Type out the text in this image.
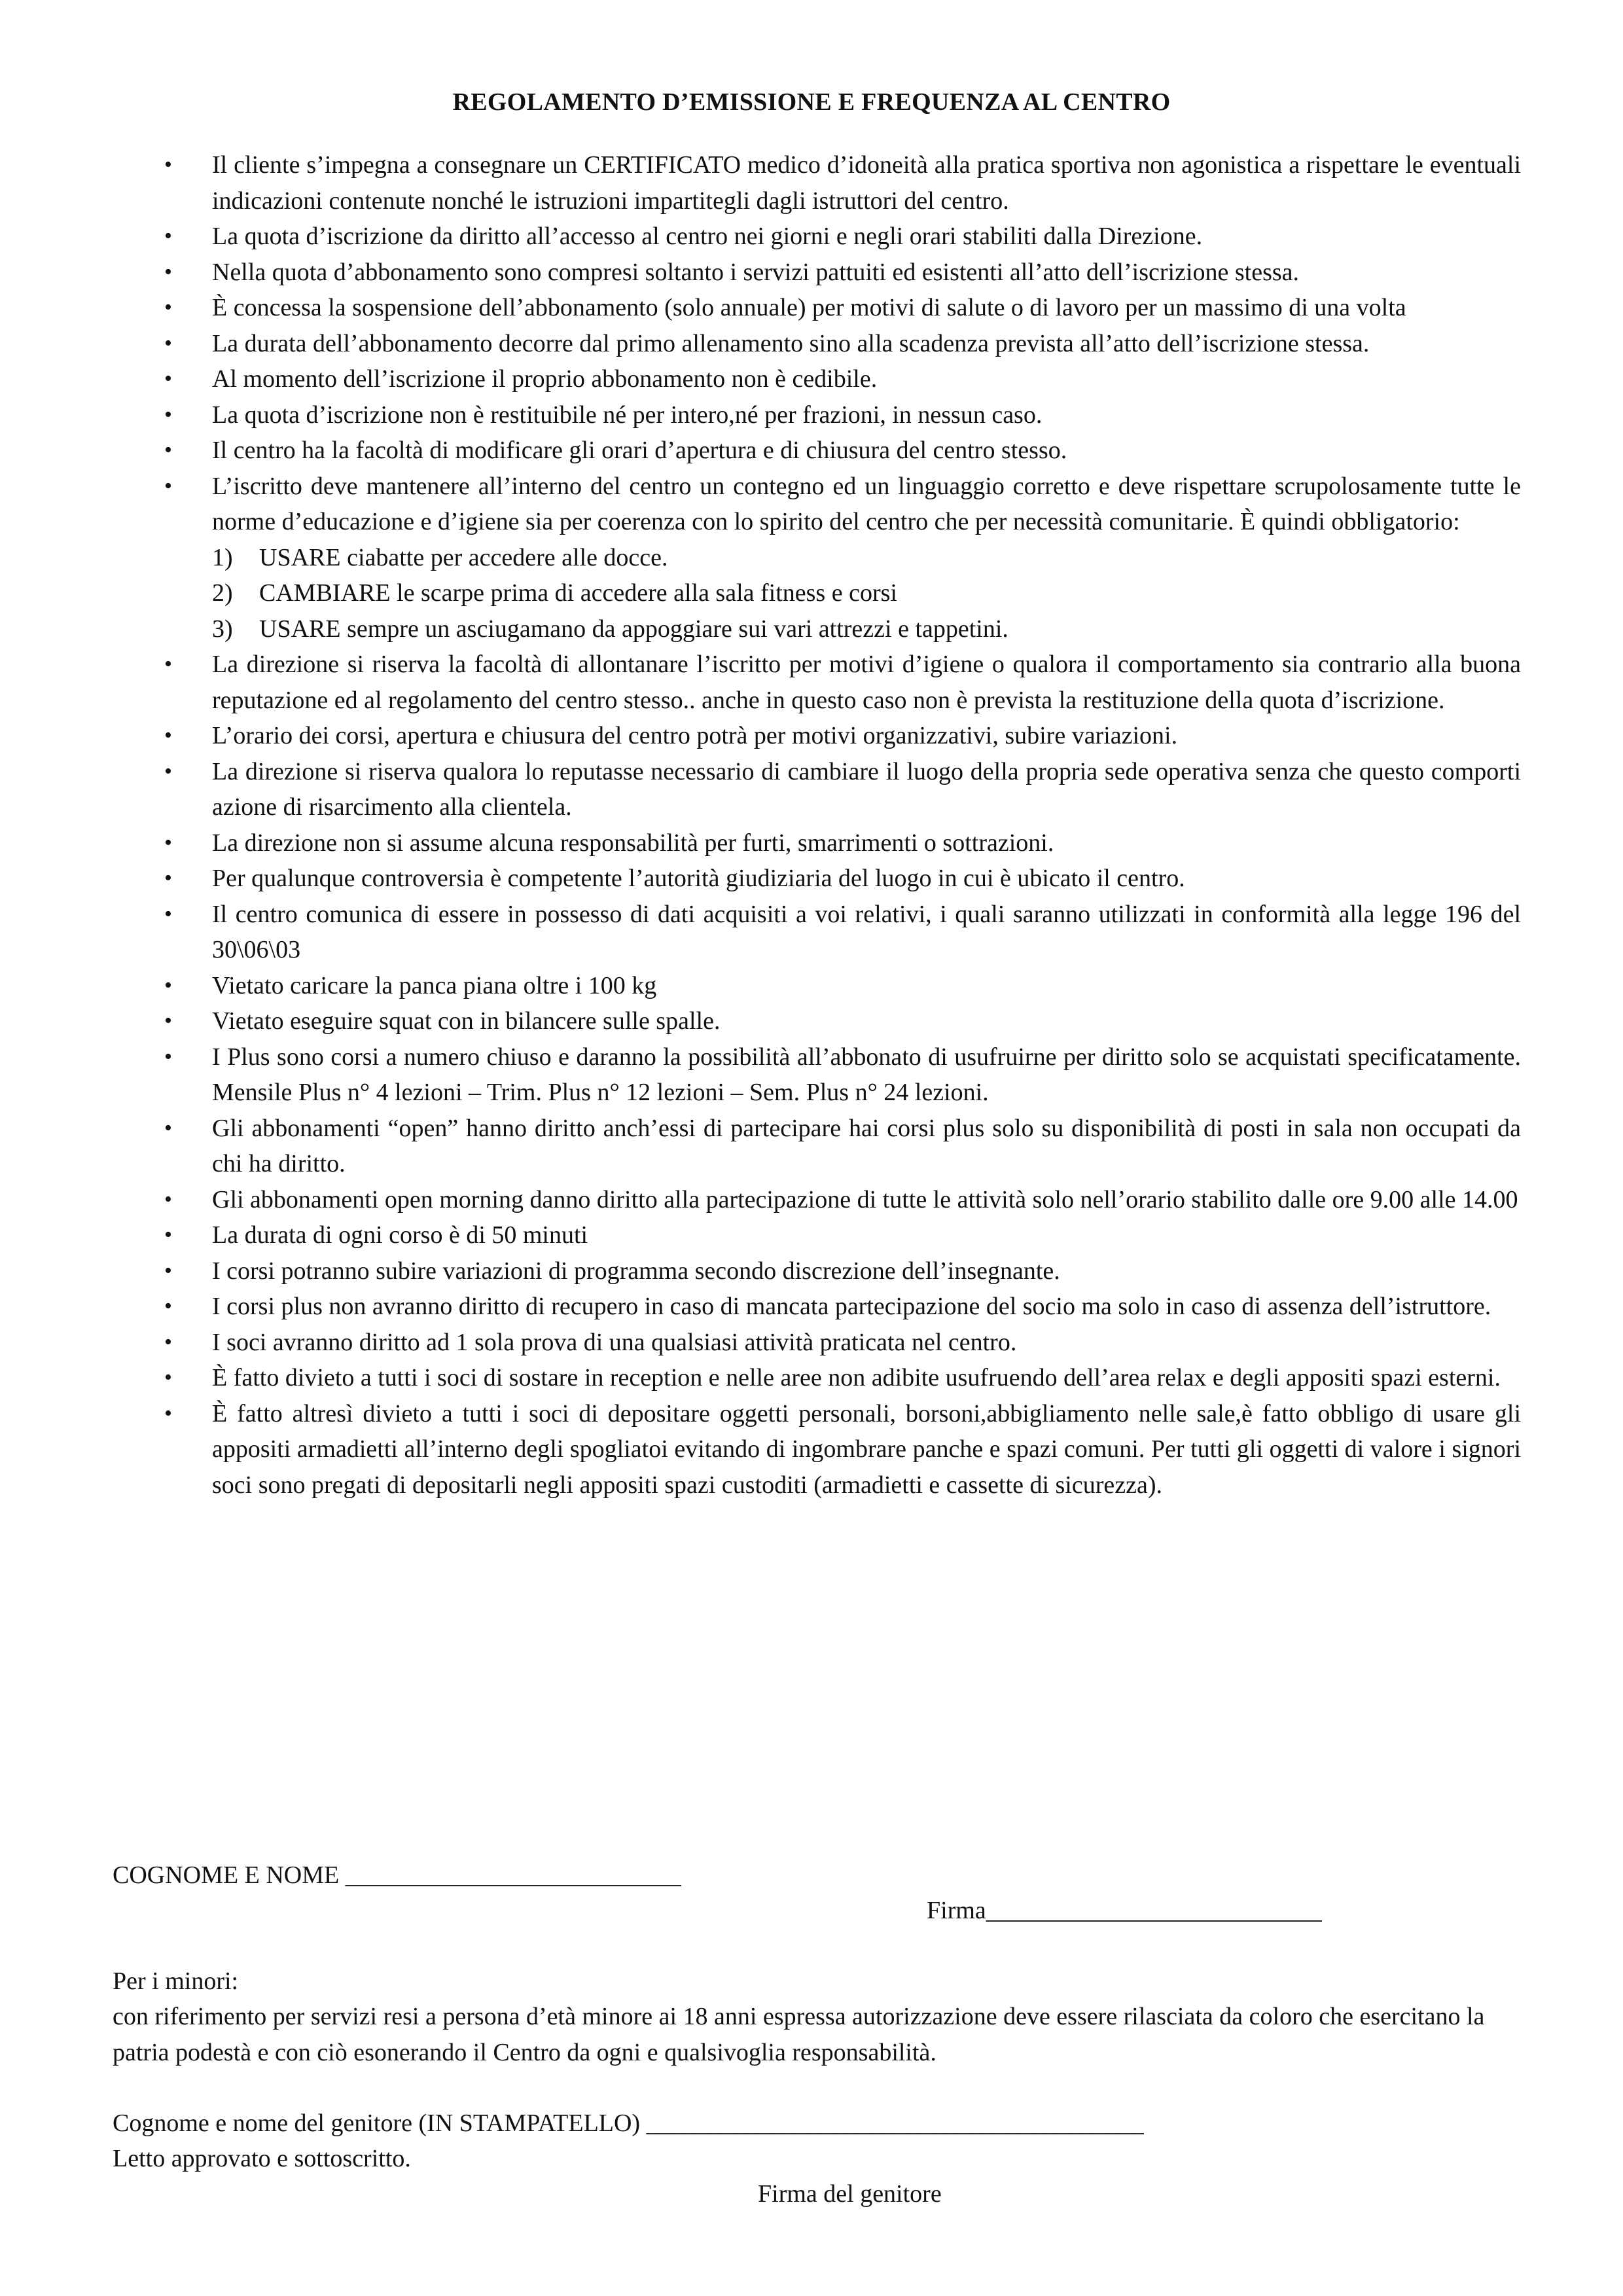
REGOLAMENTO D’EMISSIONE E FREQUENZA AL CENTRO
• Il cliente s’impegna a consegnare un CERTIFICATO medico d’idoneità alla pratica sportiva non agonistica a rispettare le eventuali indicazioni contenute nonché le istruzioni impartitegli dagli istruttori del centro.
• La quota d’iscrizione da diritto all’accesso al centro nei giorni e negli orari stabiliti dalla Direzione.
• Nella quota d’abbonamento sono compresi soltanto i servizi pattuiti ed esistenti all’atto dell’iscrizione stessa.
• È concessa la sospensione dell’abbonamento (solo annuale) per motivi di salute o di lavoro per un massimo di una volta
• La durata dell’abbonamento decorre dal primo allenamento sino alla scadenza prevista all’atto dell’iscrizione stessa.
• Al momento dell’iscrizione il proprio abbonamento non è cedibile.
• La quota d’iscrizione non è restituibile né per intero,né per frazioni, in nessun caso.
• Il centro ha la facoltà di modificare gli orari d’apertura e di chiusura del centro stesso.
• L’iscritto deve mantenere all’interno del centro un contegno ed un linguaggio corretto e deve rispettare scrupolosamente tutte le norme d’educazione e d’igiene sia per coerenza con lo spirito del centro che per necessità comunitarie. È quindi obbligatorio:
1) USARE ciabatte per accedere alle docce.
2) CAMBIARE le scarpe prima di accedere alla sala fitness e corsi
3) USARE sempre un asciugamano da appoggiare sui vari attrezzi e tappetini.
• La direzione si riserva la facoltà di allontanare l’iscritto per motivi d’igiene o qualora il comportamento sia contrario alla buona reputazione ed al regolamento del centro stesso.. anche in questo caso non è prevista la restituzione della quota d’iscrizione.
• L’orario dei corsi, apertura e chiusura del centro potrà per motivi organizzativi, subire variazioni.
• La direzione si riserva qualora lo reputasse necessario di cambiare il luogo della propria sede operativa senza che questo comporti azione di risarcimento alla clientela.
• La direzione non si assume alcuna responsabilità per furti, smarrimenti o sottrazioni.
• Per qualunque controversia è competente l’autorità giudiziaria del luogo in cui è ubicato il centro.
• Il centro comunica di essere in possesso di dati acquisiti a voi relativi, i quali saranno utilizzati in conformità alla legge 196 del 30\06\03
• Vietato caricare la panca piana oltre i 100 kg
• Vietato eseguire squat con in bilancere sulle spalle.
• I Plus sono corsi a numero chiuso e daranno la possibilità all’abbonato di usufruirne per diritto solo se acquistati specificatamente. Mensile Plus n° 4 lezioni – Trim. Plus n° 12 lezioni – Sem. Plus n° 24 lezioni.
• Gli abbonamenti “open” hanno diritto anch’essi di partecipare hai corsi plus solo su disponibilità di posti in sala non occupati da chi ha diritto.
• Gli abbonamenti open morning danno diritto alla partecipazione di tutte le attività solo nell’orario stabilito dalle ore 9.00 alle 14.00
• La durata di ogni corso è di 50 minuti
• I corsi potranno subire variazioni di programma secondo discrezione dell’insegnante.
• I corsi plus non avranno diritto di recupero in caso di mancata partecipazione del socio ma solo in caso di assenza dell’istruttore.
• I soci avranno diritto ad 1 sola prova di una qualsiasi attività praticata nel centro.
• È fatto divieto a tutti i soci di sostare in reception e nelle aree non adibite usufruendo dell’area relax e degli appositi spazi esterni.
• È fatto altresì divieto a tutti i soci di depositare oggetti personali, borsoni,abbigliamento nelle sale,è fatto obbligo di usare gli appositi armadietti all’interno degli spogliatoi evitando di ingombrare panche e spazi comuni. Per tutti gli oggetti di valore i signori soci sono pregati di depositarli negli appositi spazi custoditi (armadietti e cassette di sicurezza).
COGNOME E NOME ___________________________
Firma___________________________
Per i minori:
con riferimento per servizi resi a persona d’età minore ai 18 anni espressa autorizzazione deve essere rilasciata da coloro che esercitano la patria podestà e con ciò esonerando il Centro da ogni e qualsivoglia responsabilità.
Cognome e nome del genitore (IN STAMPATELLO) ________________________________________
Letto approvato e sottoscritto.
Firma del genitore
